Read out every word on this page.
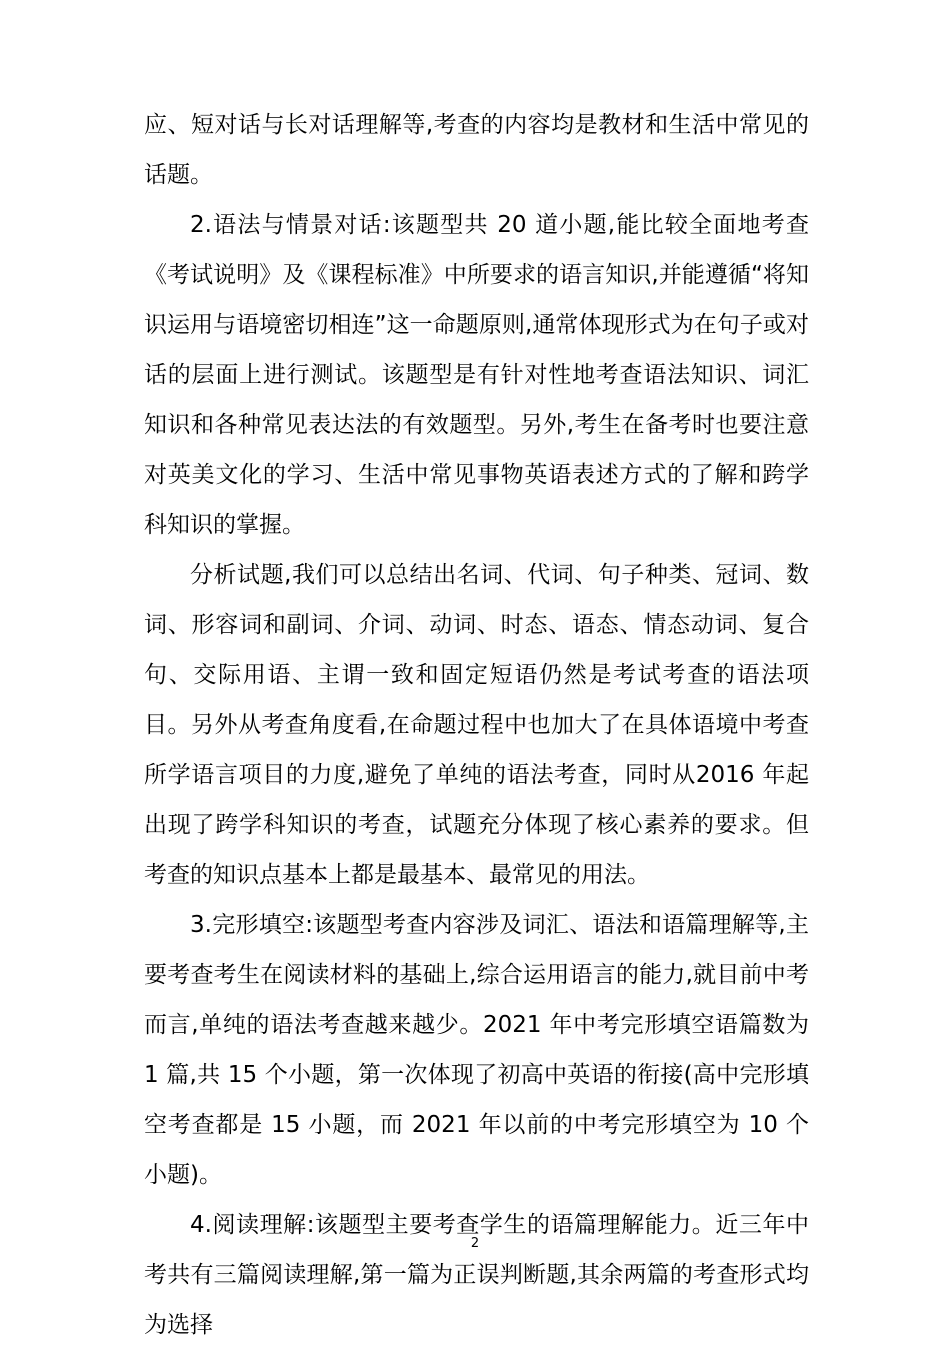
应、短对话与长对话理解等,考查的内容均是教材和生活中常见的话题。

2.语法与情景对话:该题型共 20 道小题,能比较全面地考查《考试说明》及《课程标准》中所要求的语言知识,并能遵循“将知识运用与语境密切相连”这一命题原则,通常体现形式为在句子或对话的层面上进行测试。该题型是有针对性地考查语法知识、词汇知识和各种常见表达法的有效题型。另外,考生在备考时也要注意对英美文化的学习、生活中常见事物英语表述方式的了解和跨学科知识的掌握。

分析试题,我们可以总结出名词、代词、句子种类、冠词、数词、形容词和副词、介词、动词、时态、语态、情态动词、复合句、交际用语、主谓一致和固定短语仍然是考试考查的语法项目。另外从考查角度看,在命题过程中也加大了在具体语境中考查所学语言项目的力度,避免了单纯的语法考查，同时从2016 年起出现了跨学科知识的考查，试题充分体现了核心素养的要求。但考查的知识点基本上都是最基本、最常见的用法。

3.完形填空:该题型考查内容涉及词汇、语法和语篇理解等,主要考查考生在阅读材料的基础上,综合运用语言的能力,就目前中考而言,单纯的语法考查越来越少。2021 年中考完形填空语篇数为 1 篇,共 15 个小题，第一次体现了初高中英语的衔接(高中完形填空考查都是 15 小题，而 2021 年以前的中考完形填空为 10 个小题)。

4.阅读理解:该题型主要考查学生的语篇理解能力。近三年中考共有三篇阅读理解,第一篇为正误判断题,其余两篇的考查形式均为选择

2
